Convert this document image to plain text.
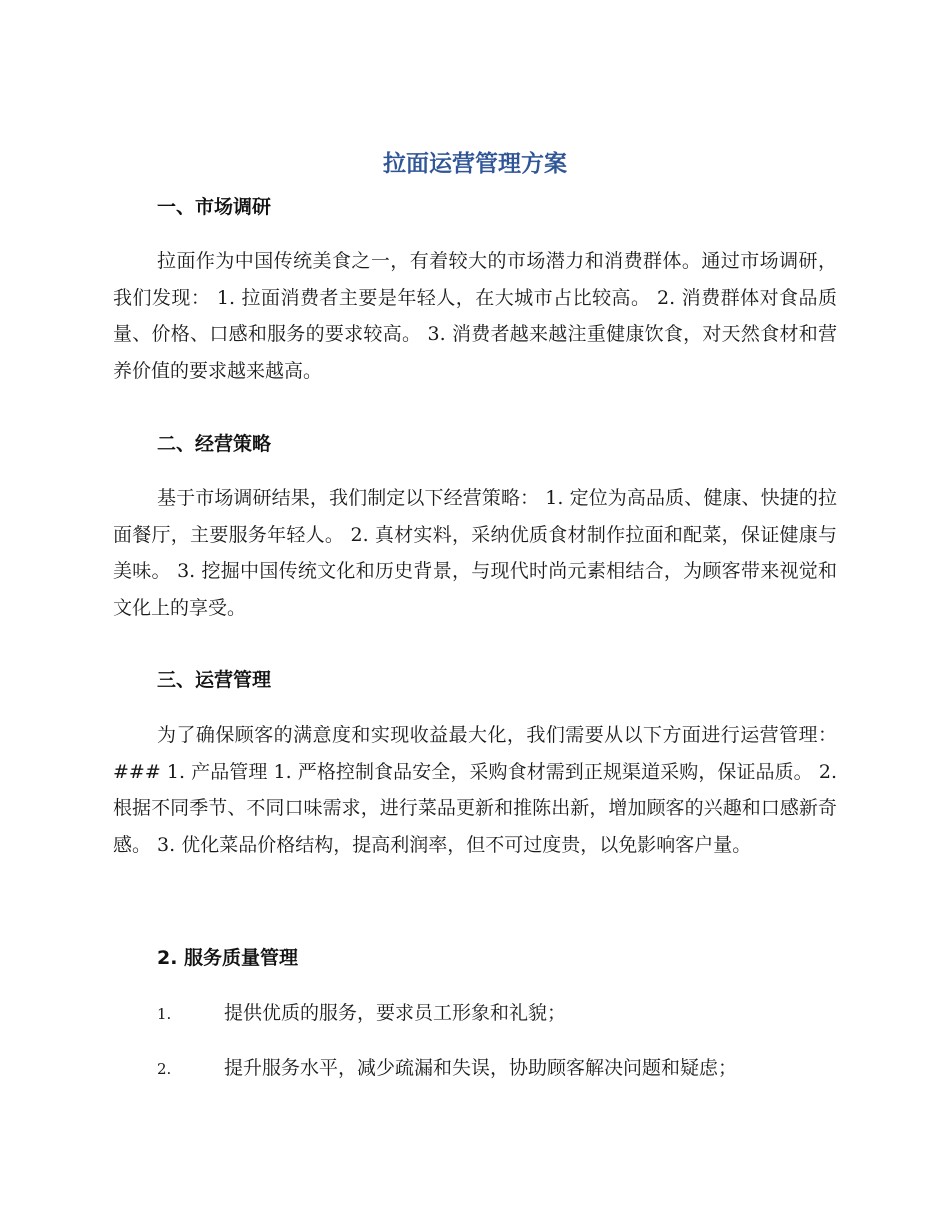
拉面运营管理方案
一、市场调研
拉面作为中国传统美食之一，有着较大的市场潜力和消费群体。通过市场调研，我们发现： 1. 拉面消费者主要是年轻人，在大城市占比较高。 2. 消费群体对食品质量、价格、口感和服务的要求较高。 3. 消费者越来越注重健康饮食，对天然食材和营养价值的要求越来越高。
二、经营策略
基于市场调研结果，我们制定以下经营策略： 1. 定位为高品质、健康、快捷的拉面餐厅，主要服务年轻人。 2. 真材实料，采纳优质食材制作拉面和配菜，保证健康与美味。 3. 挖掘中国传统文化和历史背景，与现代时尚元素相结合，为顾客带来视觉和文化上的享受。
三、运营管理
为了确保顾客的满意度和实现收益最大化，我们需要从以下方面进行运营管理： ### 1. 产品管理 1. 严格控制食品安全，采购食材需到正规渠道采购，保证品质。 2. 根据不同季节、不同口味需求，进行菜品更新和推陈出新，增加顾客的兴趣和口感新奇感。 3. 优化菜品价格结构，提高利润率，但不可过度贵，以免影响客户量。
2. 服务质量管理
1.	提供优质的服务，要求员工形象和礼貌；
2.	提升服务水平，减少疏漏和失误，协助顾客解决问题和疑虑；
